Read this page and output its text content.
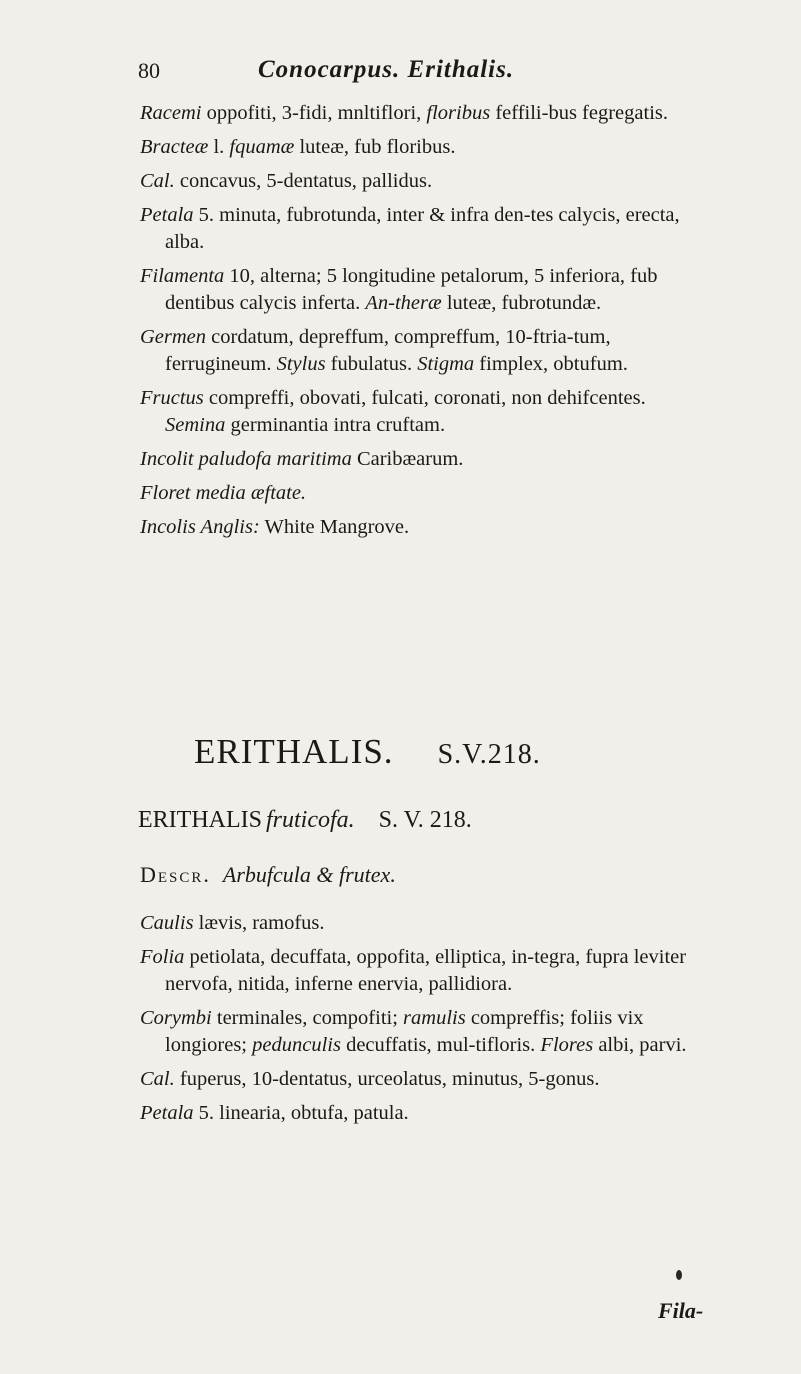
80	Conocarpus. Erithalis.

Racemi oppofiti, 3-fidi, mnltiflori, floribus feffili-bus fegregatis.

Bracteæ l. fquamæ luteæ, fub floribus.

Cal. concavus, 5-dentatus, pallidus.

Petala 5. minuta, fubrotunda, inter & infra den-tes calycis, erecta, alba.

Filamenta 10, alterna; 5 longitudine petalorum, 5 inferiora, fub dentibus calycis inferta. An-theræ luteæ, fubrotundæ.

Germen cordatum, depreffum, compreffum, 10-ftria-tum, ferrugineum. Stylus fubulatus. Stigma fimplex, obtufum.

Fructus compreffi, obovati, fulcati, coronati, non dehifcentes. Semina germinantia intra cruftam.

Incolit paludofa maritima Caribæarum.

Floret media æftate.

Incolis Anglis: White Mangrove.

ERITHALIS. S.V.218.
ERITHALIS fruticofa. S. V. 218.
Descr. Arbufcula & frutex.

Caulis lævis, ramofus.

Folia petiolata, decuffata, oppofita, elliptica, in-tegra, fupra leviter nervofa, nitida, inferne enervia, pallidiora.

Corymbi terminales, compofiti; ramulis compreffis; foliis vix longiores; pedunculis decuffatis, mul-tifloris. Flores albi, parvi.

Cal. fuperus, 10-dentatus, urceolatus, minutus, 5-gonus.

Petala 5. linearia, obtufa, patula.

Fila-
